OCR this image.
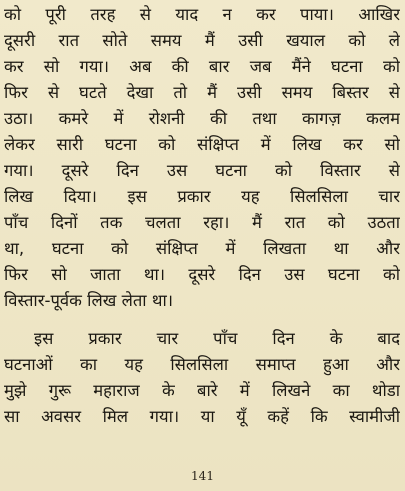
को पूरी तरह से याद न कर पाया। आखिर
दूसरी रात सोते समय मैं उसी खयाल को ले
कर सो गया। अब की बार जब मैंने घटना को
फिर से घटते देखा तो मैं उसी समय बिस्तर से
उठा। कमरे में रोशनी की तथा कागज़ कलम
लेकर सारी घटना को संक्षिप्त में लिख कर सो
गया। दूसरे दिन उस घटना को विस्तार से
लिख दिया। इस प्रकार यह सिलसिला चार
पाँच दिनों तक चलता रहा। मैं रात को उठता
था, घटना को संक्षिप्त में लिखता था और
फिर सो जाता था। दूसरे दिन उस घटना को
विस्तार-पूर्वक लिख लेता था।
इस प्रकार चार पाँच दिन के बाद
घटनाओं का यह सिलसिला समाप्त हुआ और
मुझे गुरू महाराज के बारे में लिखने का थोडा
सा अवसर मिल गया। या यूँ कहें कि स्वामीजी
141
